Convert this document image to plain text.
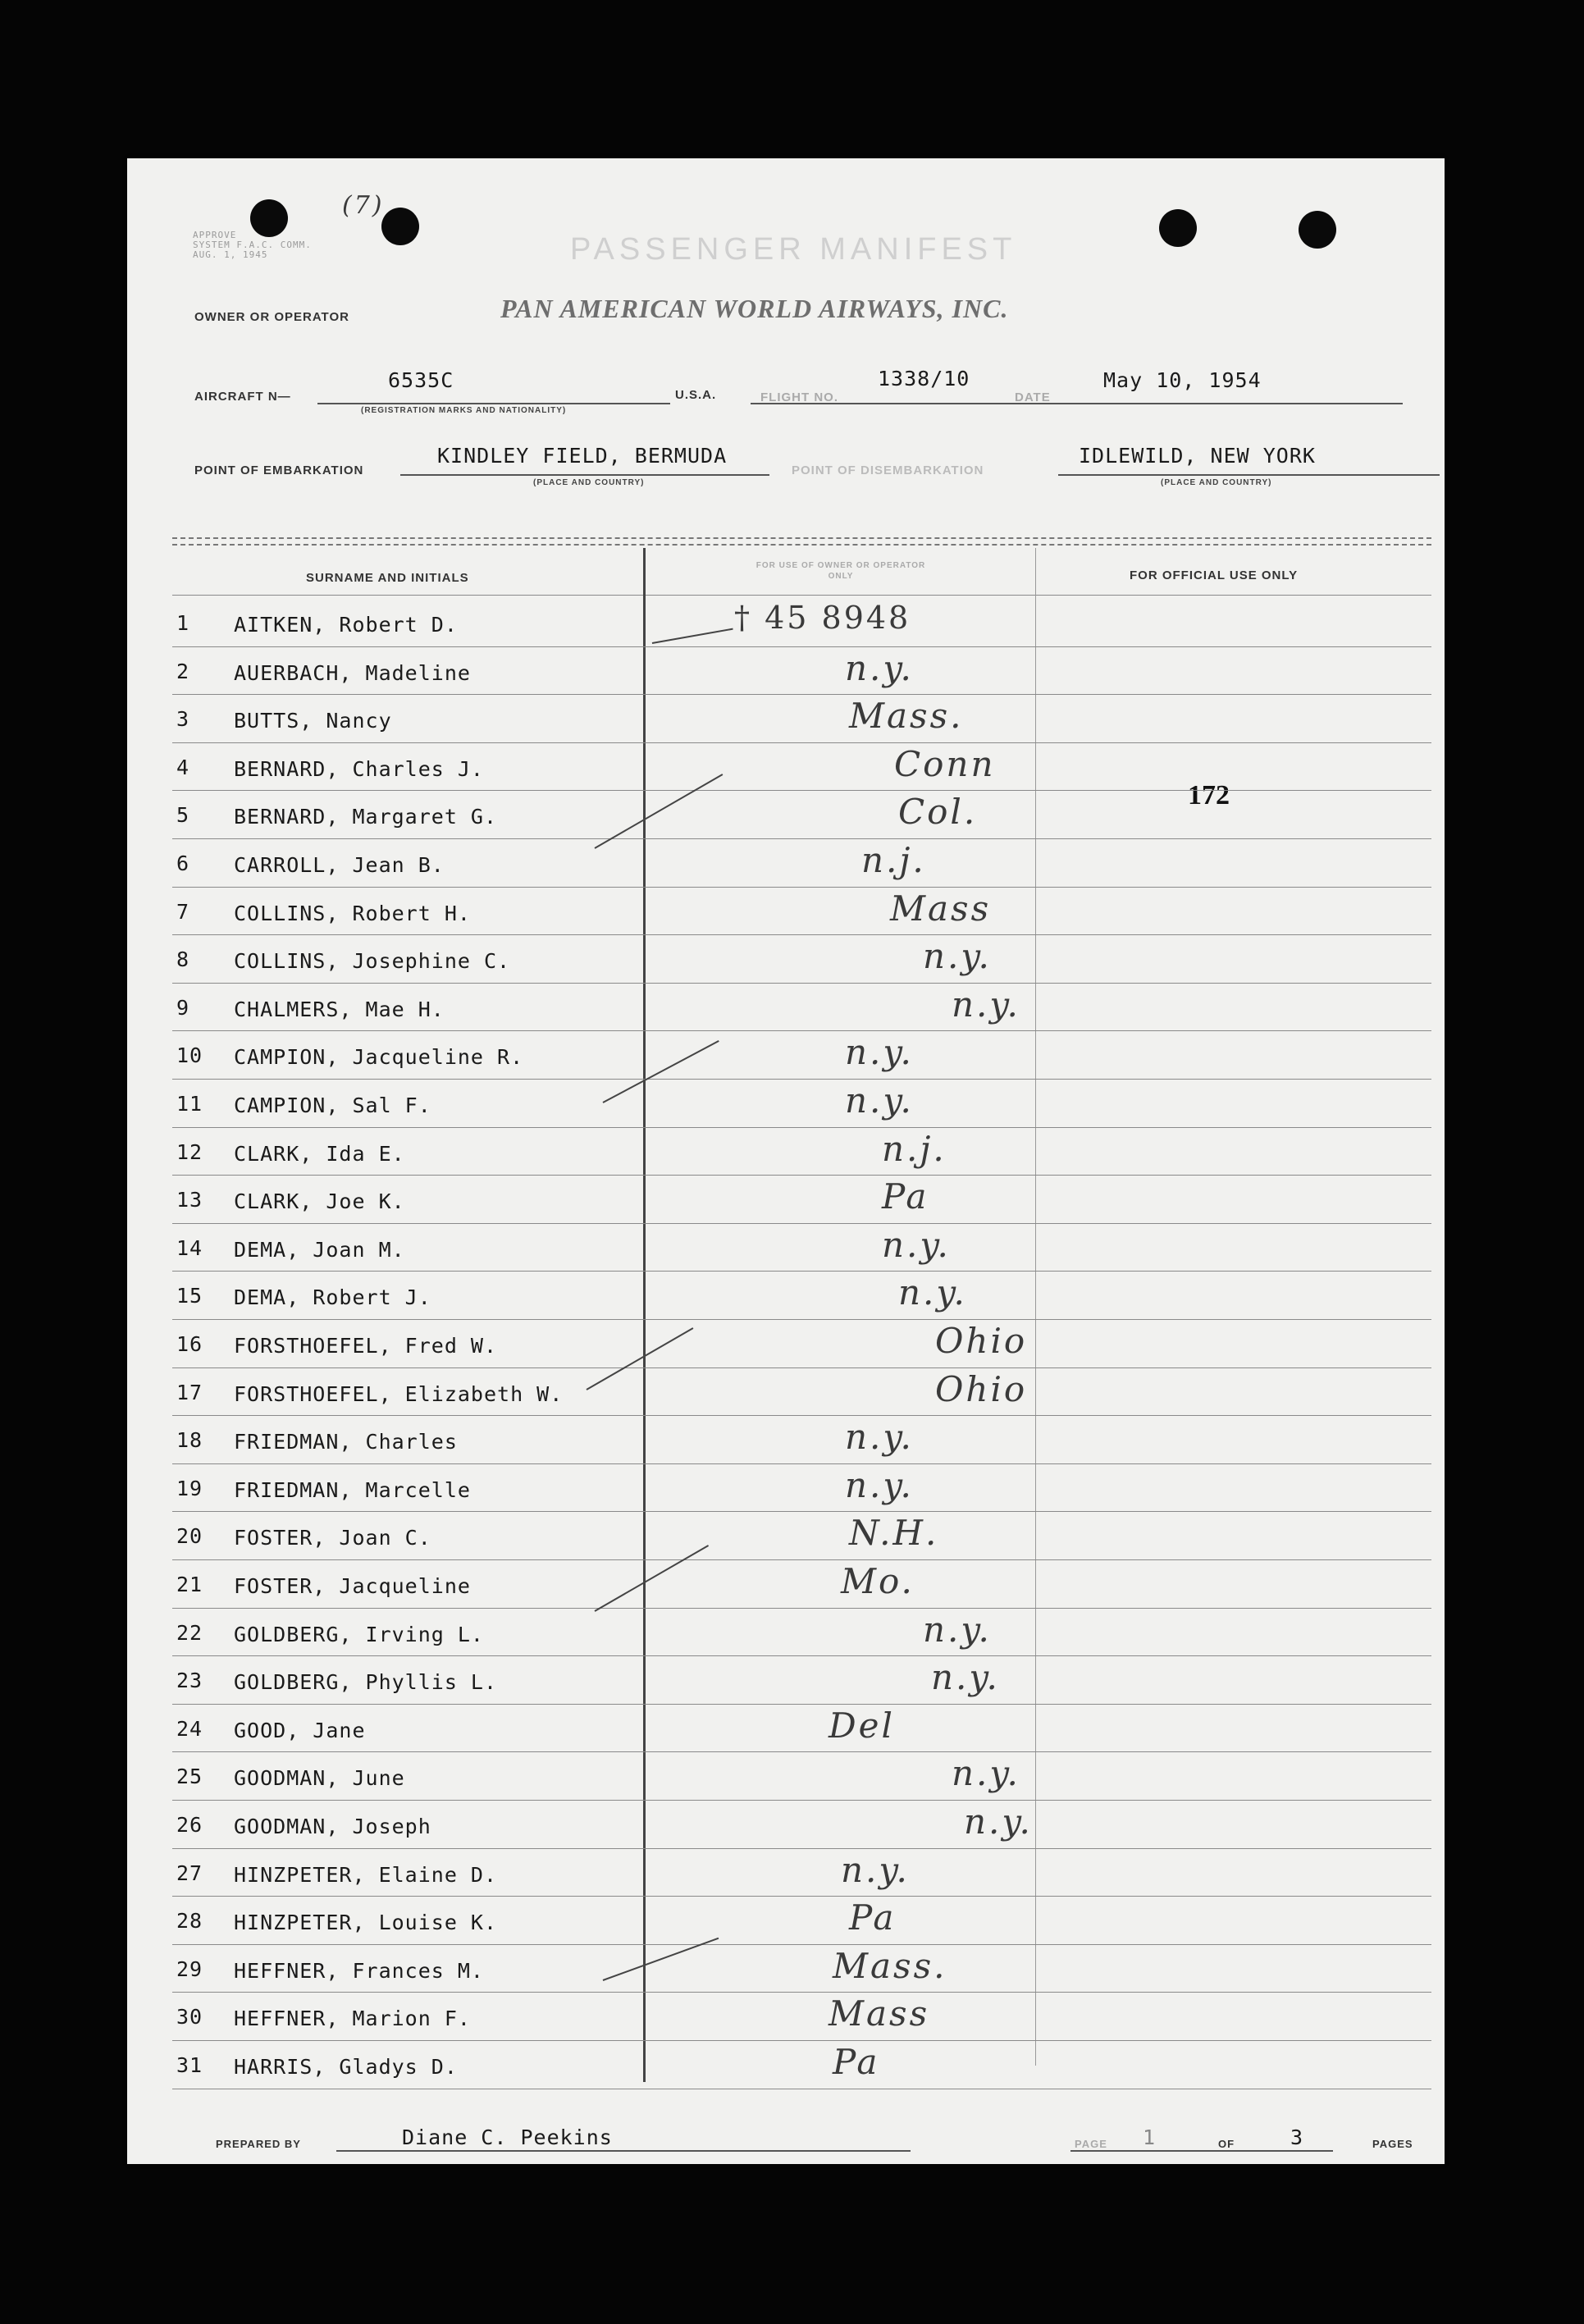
APPROVE
SYSTEM F.A.C. COMM.
AUG. 1, 1945
(7)
PASSENGER MANIFEST
OWNER OR OPERATOR	PAN AMERICAN WORLD AIRWAYS, INC.
AIRCRAFT N—
6535C
(REGISTRATION MARKS AND NATIONALITY)
U.S.A.	FLIGHT NO.
1338/10
DATE
May 10, 1954
POINT OF EMBARKATION
KINDLEY FIELD, BERMUDA
(PLACE AND COUNTRY)
POINT OF DISEMBARKATION
IDLEWILD, NEW YORK
(PLACE AND COUNTRY)
SURNAME AND INITIALS
FOR USE OF OWNER OR OPERATOR ONLY	FOR OFFICIAL USE ONLY
172
1 AITKEN, Robert D.	† 45 8948
2 AUERBACH, Madeline	n.y.
3 BUTTS, Nancy	Mass.
4 BERNARD, Charles J.	Conn
5 BERNARD, Margaret G.	Col.
6 CARROLL, Jean B.	n.j.
7 COLLINS, Robert H.	Mass
8 COLLINS, Josephine C.	n.y.
9 CHALMERS, Mae H.	n.y.
10 CAMPION, Jacqueline R.	n.y.
11 CAMPION, Sal F.	n.y.
12 CLARK, Ida E.	n.j.
13 CLARK, Joe K.	Pa
14 DEMA, Joan M.	n.y.
15 DEMA, Robert J.	n.y.
16 FORSTHOEFEL, Fred W.	Ohio
17 FORSTHOEFEL, Elizabeth W.	Ohio
18 FRIEDMAN, Charles	n.y.
19 FRIEDMAN, Marcelle	n.y.
20 FOSTER, Joan C.	N.H.
21 FOSTER, Jacqueline	Mo.
22 GOLDBERG, Irving L.	n.y.
23 GOLDBERG, Phyllis L.	n.y.
24 GOOD, Jane	Del
25 GOODMAN, June	n.y.
26 GOODMAN, Joseph	n.y.
27 HINZPETER, Elaine D.	n.y.
28 HINZPETER, Louise K.	Pa
29 HEFFNER, Frances M.	Mass.
30 HEFFNER, Marion F.	Mass
31 HARRIS, Gladys D.	Pa
PREPARED BY	Diane C. Peekins	PAGE 1	OF	3	PAGES
